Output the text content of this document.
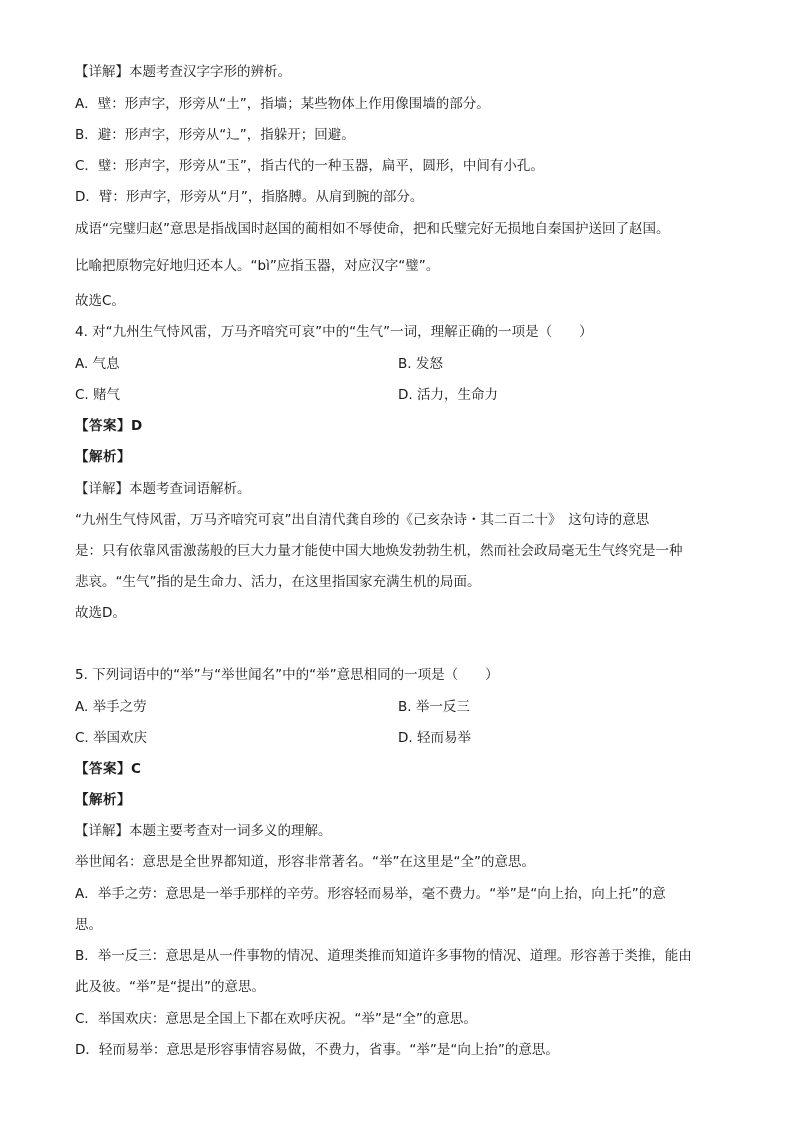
【详解】本题考查汉字字形的辨析。
A．壁：形声字，形旁从“土”，指墙；某些物体上作用像围墙的部分。
B．避：形声字，形旁从“辶”，指躲开；回避。
C．璧：形声字，形旁从“玉”，指古代的一种玉器，扁平，圆形，中间有小孔。
D．臂：形声字，形旁从“月”，指胳膊。从肩到腕的部分。
成语“完璧归赵”意思是指战国时赵国的蔺相如不辱使命，把和氏璧完好无损地自秦国护送回了赵国。
比喻把原物完好地归还本人。“bì”应指玉器，对应汉字“璧”。
故选C。
4. 对“九州生气恃风雷，万马齐喑究可哀”中的“生气”一词，理解正确的一项是（　　）
A. 气息	B. 发怒
C. 赌气	D. 活力，生命力
【答案】D
【解析】
【详解】本题考查词语解析。
“九州生气恃风雷，万马齐喑究可哀”出自清代龚自珍的《己亥杂诗・其二百二十》　这句诗的意思
是：只有依靠风雷激荡般的巨大力量才能使中国大地焕发勃勃生机，然而社会政局毫无生气终究是一种
悲哀。“生气”指的是生命力、活力，在这里指国家充满生机的局面。
故选D。
5. 下列词语中的“举”与“举世闻名”中的“举”意思相同的一项是（　　）
A. 举手之劳	B. 举一反三
C. 举国欢庆	D. 轻而易举
【答案】C
【解析】
【详解】本题主要考查对一词多义的理解。
举世闻名：意思是全世界都知道，形容非常著名。“举”在这里是“全”的意思。
A．举手之劳：意思是一举手那样的辛劳。形容轻而易举，毫不费力。“举”是“向上抬，向上托”的意
思。
B．举一反三：意思是从一件事物的情况、道理类推而知道许多事物的情况、道理。形容善于类推，能由
此及彼。“举”是“提出”的意思。
C．举国欢庆：意思是全国上下都在欢呼庆祝。“举”是“全”的意思。
D．轻而易举：意思是形容事情容易做，不费力，省事。“举”是“向上抬”的意思。
